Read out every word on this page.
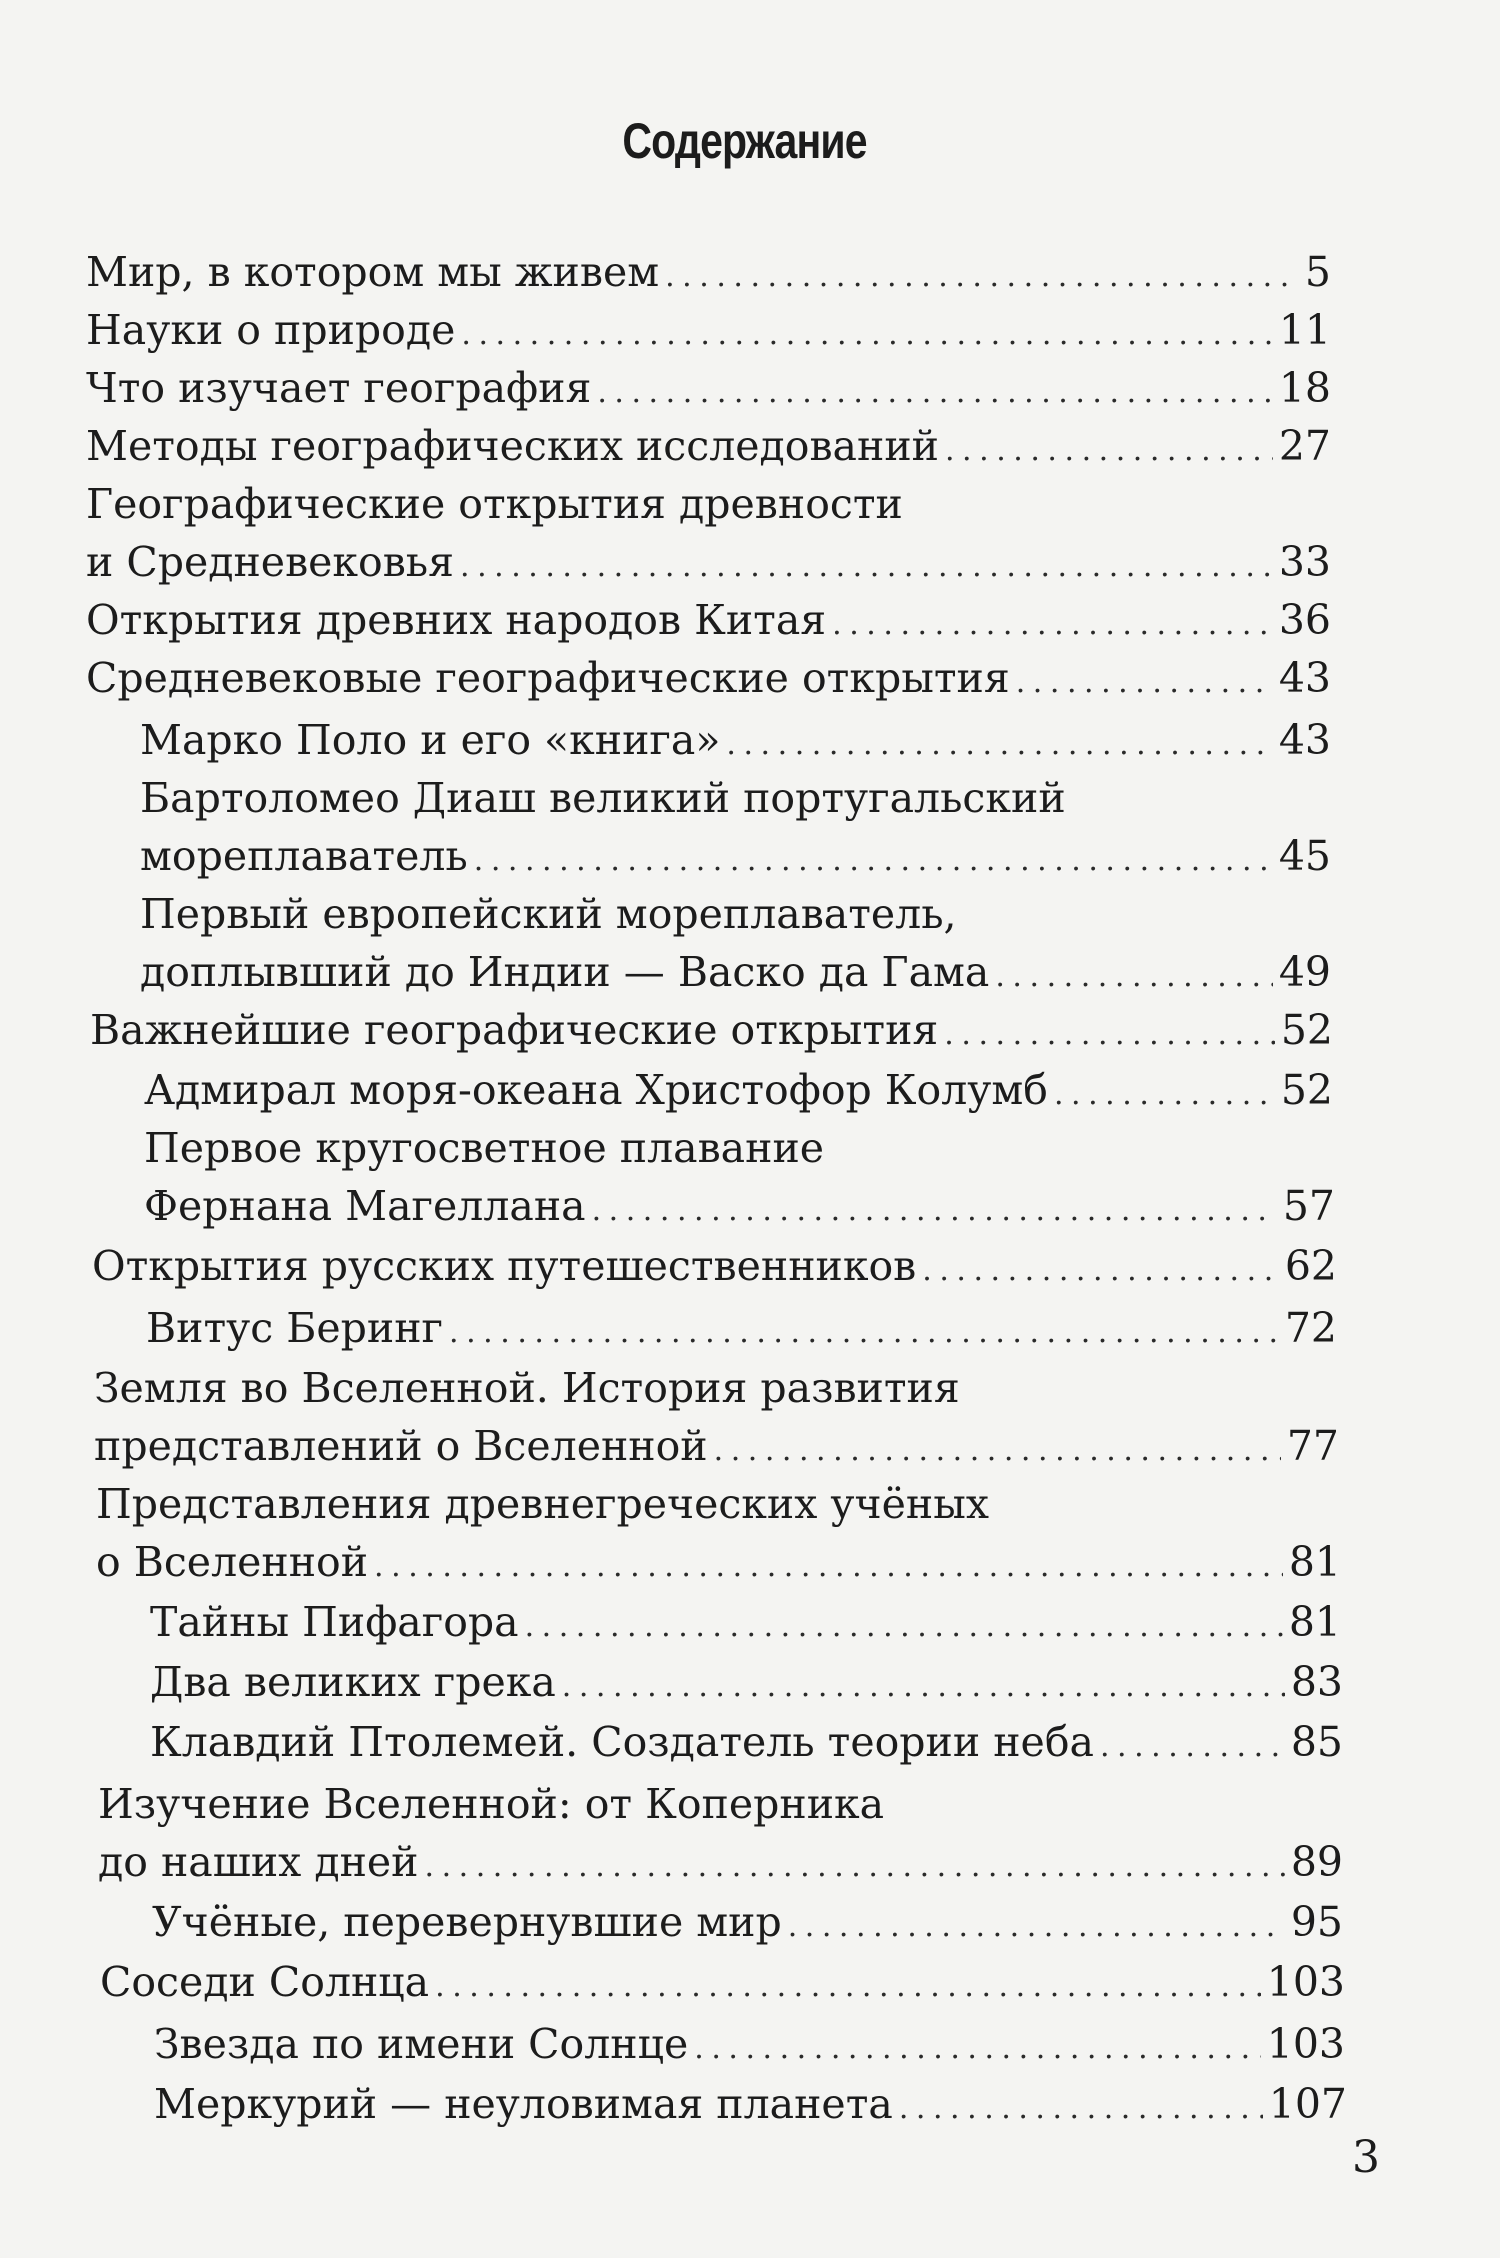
Содержание
Мир, в котором мы живем . . .	5
Науки о природе . . .	11
Что изучает география . . .	18
Методы географических исследований . . .	27
Географические открытия древности
и Средневековья . . .	33
Открытия древних народов Китая . . .	36
Средневековые географические открытия . . .	43
Марко Поло и его «книга» . . .	43
Бартоломео Диаш великий португальский
мореплаватель . . .	45
Первый европейский мореплаватель,
доплывший до Индии — Васко да Гама . . .	49
Важнейшие географические открытия . . .	52
Адмирал моря-океана Христофор Колумб . . .	52
Первое кругосветное плавание
Фернана Магеллана . . .	57
Открытия русских путешественников . . .	62
Витус Беринг . . .	72
Земля во Вселенной. История развития
представлений о Вселенной . . .	77
Представления древнегреческих учёных
о Вселенной . . .	81
Тайны Пифагора . . .	81
Два великих грека . . .	83
Клавдий Птолемей. Создатель теории неба . . .	85
Изучение Вселенной: от Коперника
до наших дней . . .	89
Учёные, перевернувшие мир . . .	95
Соседи Солнца . . .	103
Звезда по имени Солнце . . .	103
Меркурий — неуловимая планета . . .	107
3
